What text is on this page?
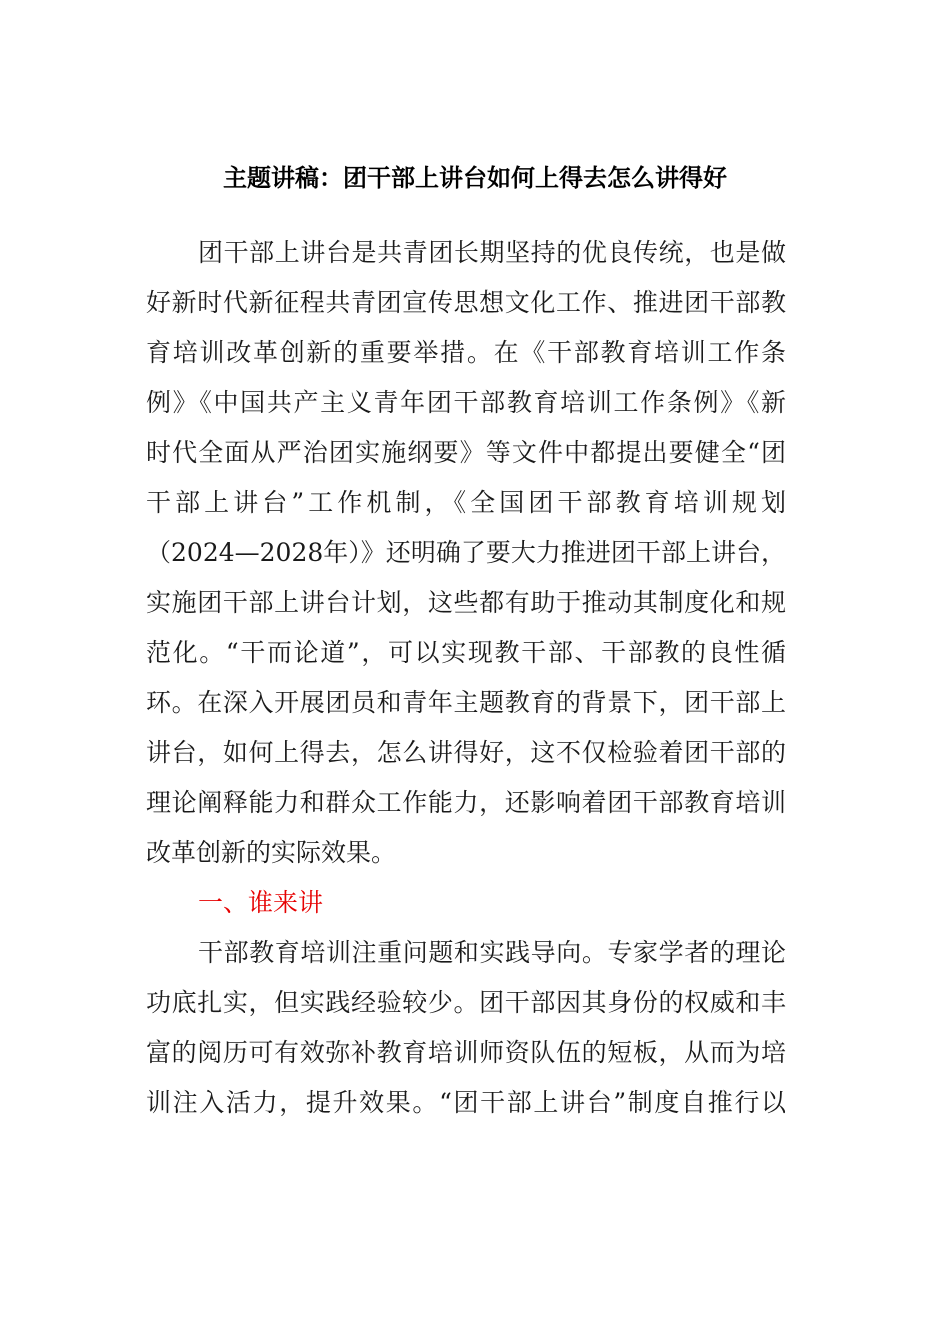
主题讲稿：团干部上讲台如何上得去怎么讲得好
团干部上讲台是共青团长期坚持的优良传统，也是做
好新时代新征程共青团宣传思想文化工作、推进团干部教
育培训改革创新的重要举措。在《干部教育培训工作条
例》《中国共产主义青年团干部教育培训工作条例》《新
时代全面从严治团实施纲要》等文件中都提出要健全“团
干部上讲台”工作机制，《全国团干部教育培训规划
（2024—2028年）》还明确了要大力推进团干部上讲台，
实施团干部上讲台计划，这些都有助于推动其制度化和规
范化。“干而论道”，可以实现教干部、干部教的良性循
环。在深入开展团员和青年主题教育的背景下，团干部上
讲台，如何上得去，怎么讲得好，这不仅检验着团干部的
理论阐释能力和群众工作能力，还影响着团干部教育培训
改革创新的实际效果。
一、谁来讲
干部教育培训注重问题和实践导向。专家学者的理论
功底扎实，但实践经验较少。团干部因其身份的权威和丰
富的阅历可有效弥补教育培训师资队伍的短板，从而为培
训注入活力，提升效果。“团干部上讲台”制度自推行以
